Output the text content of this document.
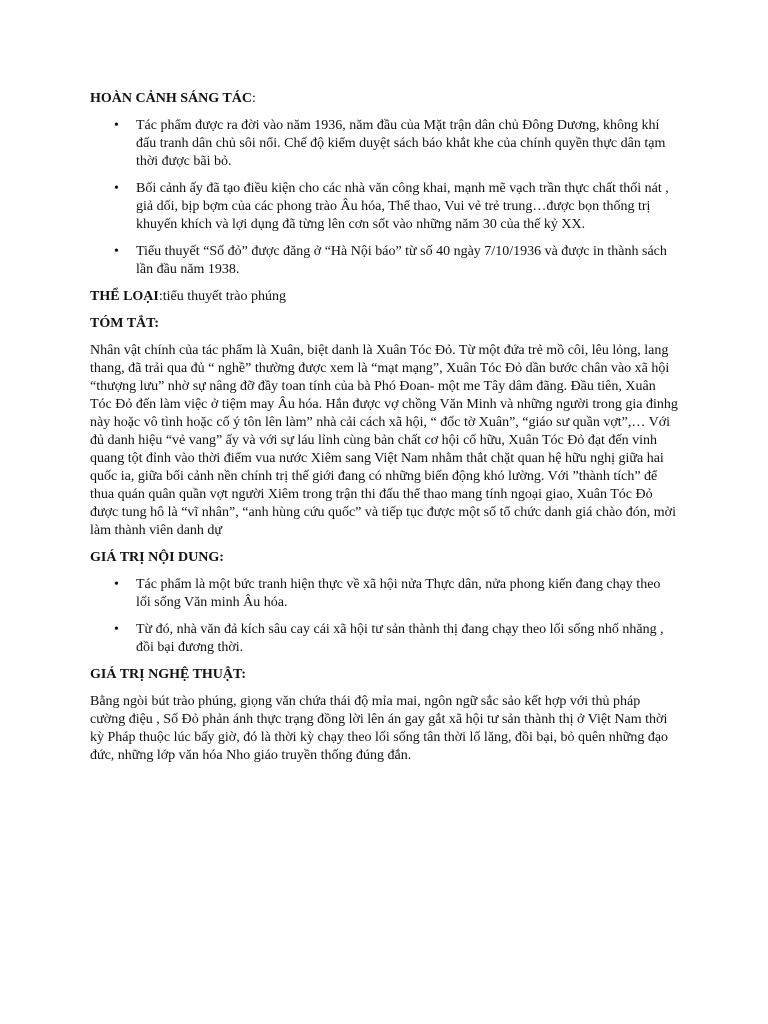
HOÀN CẢNH SÁNG TÁC:
•	Tác phẩm được ra đời vào năm 1936, năm đầu của Mặt trận dân chủ Đông Dương, không khí đấu tranh dân chủ sôi nổi. Chế độ kiểm duyệt sách báo khắt khe của chính quyền thực dân tạm thời được bãi bỏ.
•	Bối cảnh ấy đã tạo điều kiện cho các nhà văn công khai, mạnh mẽ vạch trần thực chất thối nát , giả dối, bịp bợm của các phong trào Âu hóa, Thể thao, Vui vẻ trẻ trung…được bọn thống trị khuyến khích và lợi dụng đã từng lên cơn sốt vào những năm 30 của thế kỷ XX.
•	Tiểu thuyết “Số đỏ” được đăng ở “Hà Nội báo” từ số 40 ngày 7/10/1936 và được in thành sách lần đầu năm 1938.
THỂ LOẠI:tiểu thuyết trào phúng
TÓM TẮT:

Nhân vật chính của tác phẩm là Xuân, biệt danh là Xuân Tóc Đỏ. Từ một đứa trẻ mồ côi, lêu lỏng, lang thang, đã trải qua đủ “ nghề” thường được xem là “mạt mạng”, Xuân Tóc Đỏ dần bước chân vào xã hội “thượng lưu” nhờ sự nâng đỡ đầy toan tính của bà Phó Đoan- một me Tây dâm đãng. Đầu tiên, Xuân Tóc Đỏ đến làm việc ở tiệm may Âu hóa. Hắn được vợ chồng Văn Minh và những người trong gia đinhg này hoặc vô tình hoặc cố ý tôn lên làm” nhà cải cách xã hội, “ đốc tờ Xuân”, “giáo sư quần vợt”,… Với đủ danh hiệu “vẻ vang” ấy và với sự láu lỉnh cùng bản chất cơ hội cố hữu, Xuân Tóc Đỏ đạt đến vinh quang tột đỉnh vào thời điểm vua nước Xiêm sang Việt Nam nhằm thắt chặt quan hệ hữu nghị giữa hai quốc ia, giữa bối cảnh nền chính trị thế giới đang có những biến động khó lường. Với ”thành tích” để thua quán quân quần vợt người Xiêm trong trận thi đấu thể thao mang tính ngoại giao, Xuân Tóc Đỏ được tung hô là “vĩ nhân”, “anh hùng cứu quốc” và tiếp tục được một số tổ chức danh giá chào đón, mời làm thành viên danh dự

GIÁ TRỊ NỘI DUNG:
•	Tác phẩm là một bức tranh hiện thực về xã hội nửa Thực dân, nửa phong kiến đang chạy theo lối sống Văn minh Âu hóa.
•	Từ đó, nhà văn đả kích sâu cay cái xã hội tư sản thành thị đang chạy theo lối sống nhố nhăng , đồi bại đương thời.
GIÁ TRỊ NGHỆ THUẬT:

Bằng ngòi bút trào phúng, giọng văn chứa thái độ mỉa mai, ngôn ngữ sắc sảo kết hợp với thủ pháp cường điệu , Số Đỏ phản ánh thực trạng đồng lời lên án gay gắt xã hội tư sản thành thị ở Việt Nam thời kỳ Pháp thuộc lúc bấy giờ, đó là thời kỳ chạy theo lối sống tân thời lố lăng, đồi bại, bỏ quên những đạo đức, những lớp văn hóa Nho giáo truyền thống đúng đắn.
